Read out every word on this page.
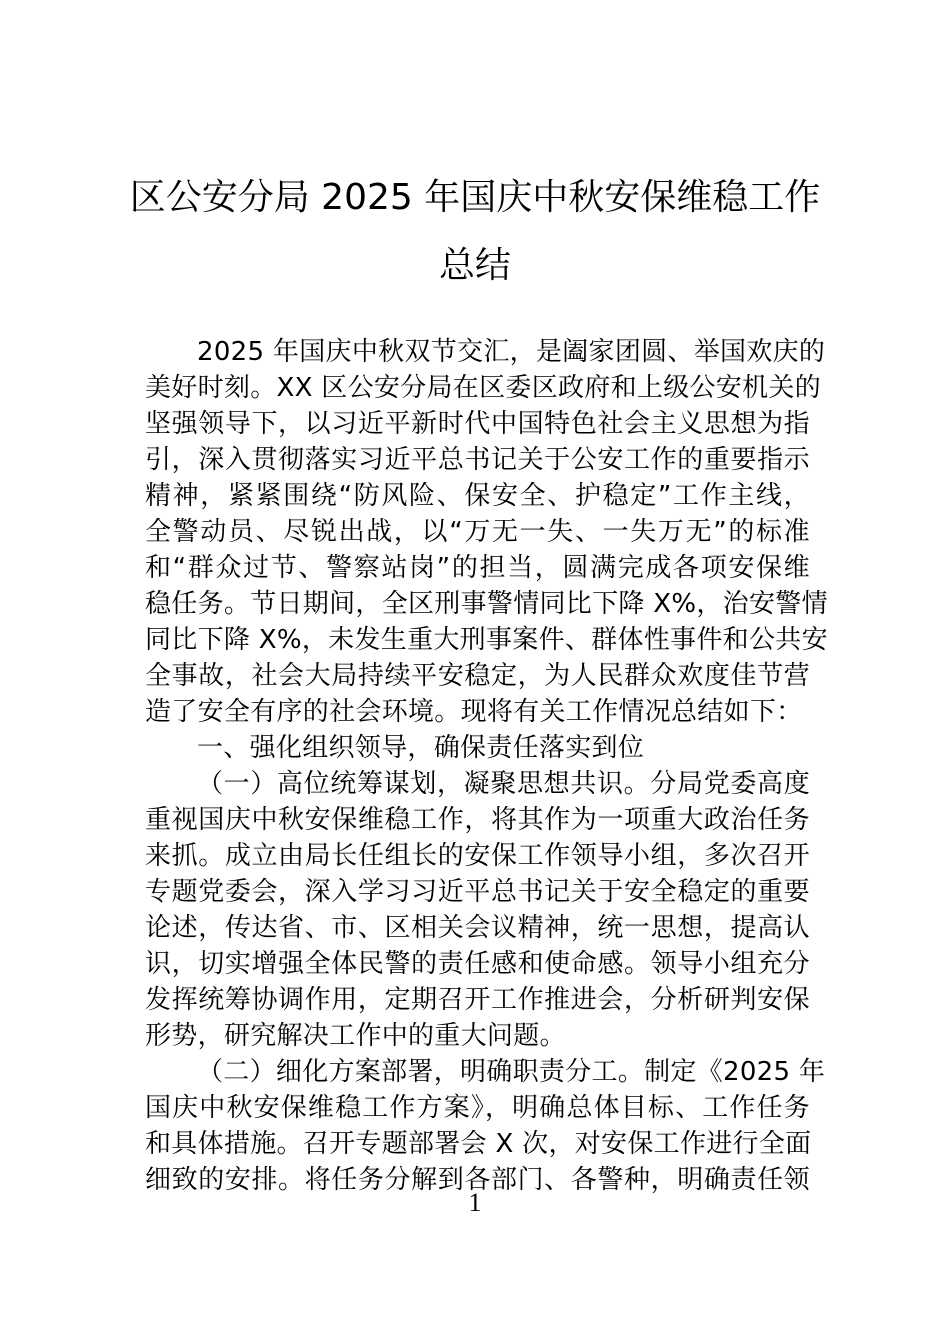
区公安分局 2025 年国庆中秋安保维稳工作
总结
2025 年国庆中秋双节交汇，是阖家团圆、举国欢庆的
美好时刻。XX 区公安分局在区委区政府和上级公安机关的
坚强领导下，以习近平新时代中国特色社会主义思想为指
引，深入贯彻落实习近平总书记关于公安工作的重要指示
精神，紧紧围绕“防风险、保安全、护稳定”工作主线，
全警动员、尽锐出战，以“万无一失、一失万无”的标准
和“群众过节、警察站岗”的担当，圆满完成各项安保维
稳任务。节日期间，全区刑事警情同比下降 X%，治安警情
同比下降 X%，未发生重大刑事案件、群体性事件和公共安
全事故，社会大局持续平安稳定，为人民群众欢度佳节营
造了安全有序的社会环境。现将有关工作情况总结如下：
一、强化组织领导，确保责任落实到位
（一）高位统筹谋划，凝聚思想共识。分局党委高度
重视国庆中秋安保维稳工作，将其作为一项重大政治任务
来抓。成立由局长任组长的安保工作领导小组，多次召开
专题党委会，深入学习习近平总书记关于安全稳定的重要
论述，传达省、市、区相关会议精神，统一思想，提高认
识，切实增强全体民警的责任感和使命感。领导小组充分
发挥统筹协调作用，定期召开工作推进会，分析研判安保
形势，研究解决工作中的重大问题。
（二）细化方案部署，明确职责分工。制定《2025 年
国庆中秋安保维稳工作方案》，明确总体目标、工作任务
和具体措施。召开专题部署会 X 次，对安保工作进行全面
细致的安排。将任务分解到各部门、各警种，明确责任领
1
